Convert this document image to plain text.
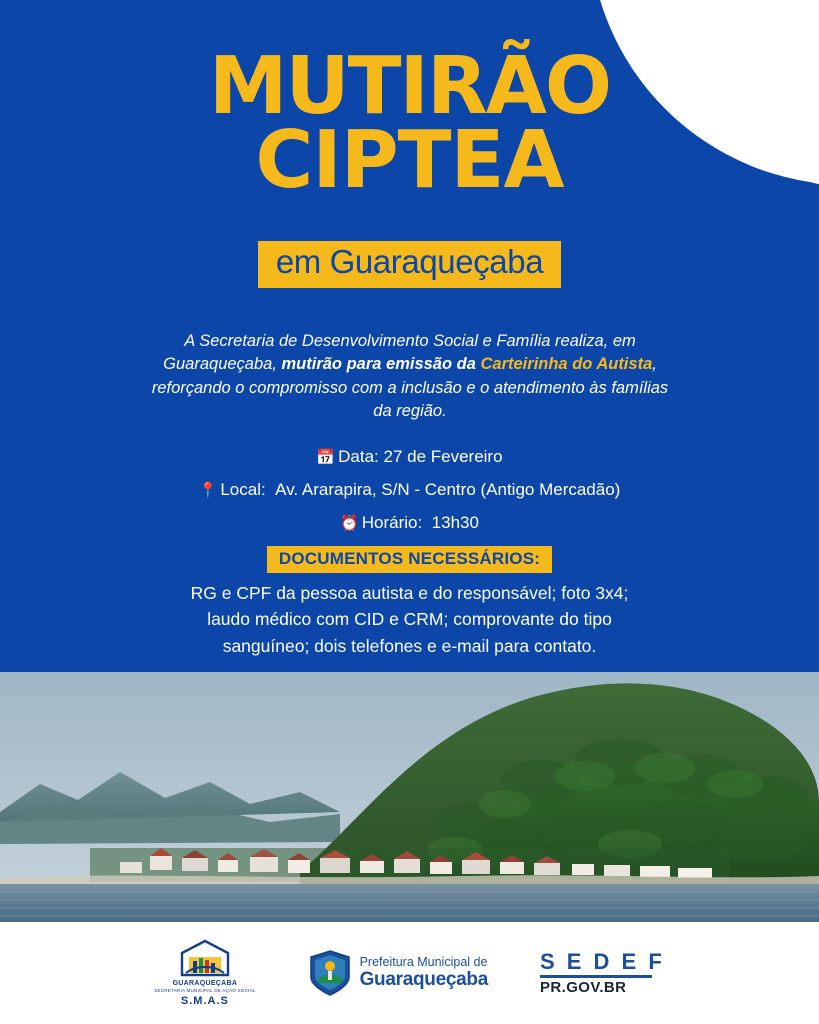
MUTIRÃO
CIPTEA
em Guaraqueçaba
A Secretaria de Desenvolvimento Social e Família realiza, em Guaraqueçaba, mutirão para emissão da Carteirinha do Autista, reforçando o compromisso com a inclusão e o atendimento às famílias da região.
📅 Data: 27 de Fevereiro
📍 Local: Av. Ararapira, S/N - Centro (Antigo Mercadão)
⏰ Horário: 13h30
DOCUMENTOS NECESSÁRIOS:
RG e CPF da pessoa autista e do responsável; foto 3x4;
laudo médico com CID e CRM; comprovante do tipo
sanguíneo; dois telefones e e-mail para contato.
GUARAQUEÇABA
SECRETARIA MUNICIPAL DE AÇÃO SOCIAL
S.M.A.S
Prefeitura Municipal de
Guaraqueçaba
S E D E F
PR.GOV.BR
